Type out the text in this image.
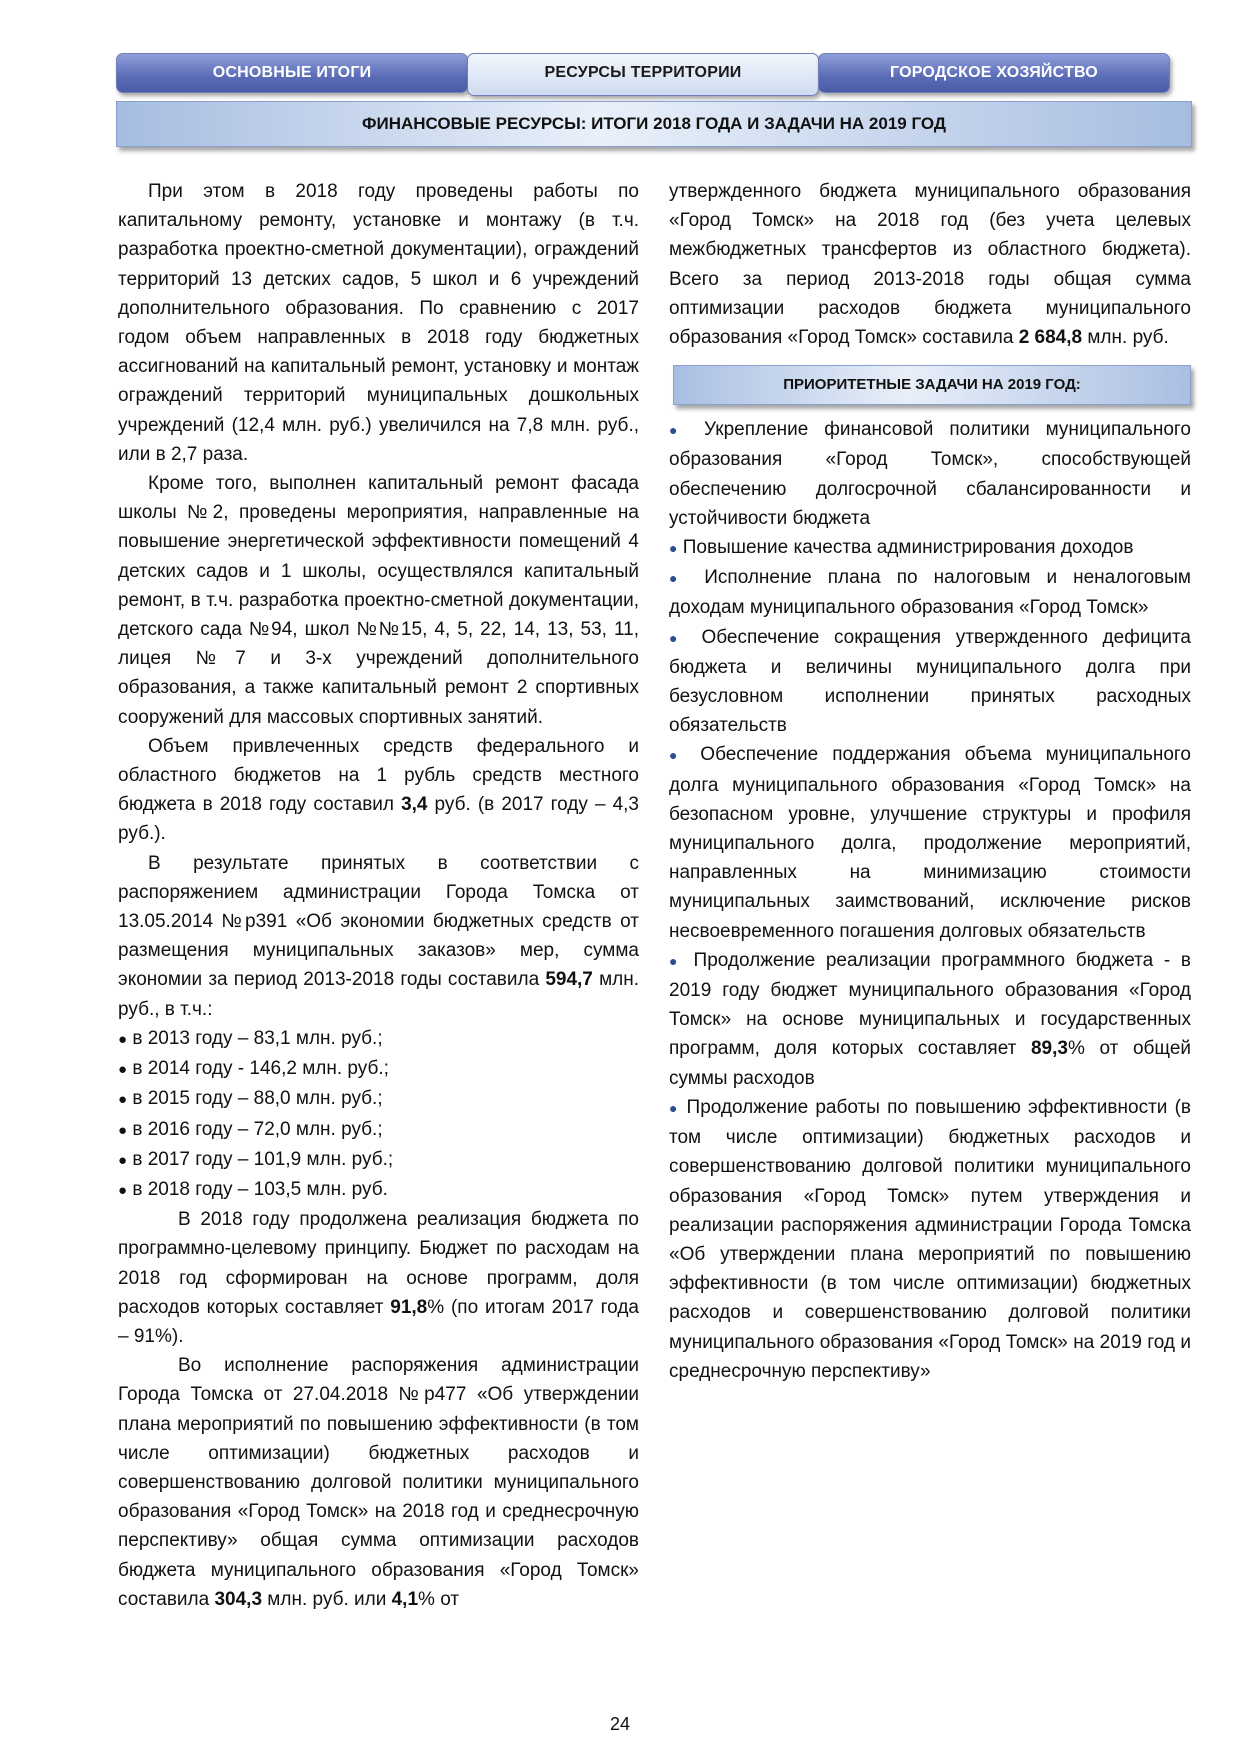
ОСНОВНЫЕ ИТОГИ	РЕСУРСЫ ТЕРРИТОРИИ	ГОРОДСКОЕ ХОЗЯЙСТВО
ФИНАНСОВЫЕ РЕСУРСЫ: ИТОГИ 2018 ГОДА И ЗАДАЧИ НА 2019 ГОД

При этом в 2018 году проведены работы по капитальному ремонту, установке и монтажу (в т.ч. разработка проектно-сметной документации), ограждений территорий 13 детских садов, 5 школ и 6 учреждений дополнительного образования. По сравнению с 2017 годом объем направленных в 2018 году бюджетных ассигнований на капитальный ремонт, установку и монтаж ограждений территорий муниципальных дошкольных учреждений (12,4 млн. руб.) увеличился на 7,8 млн. руб., или в 2,7 раза.

Кроме того, выполнен капитальный ремонт фасада школы №2, проведены мероприятия, направленные на повышение энергетической эффективности помещений 4 детских садов и 1 школы, осуществлялся капитальный ремонт, в т.ч. разработка проектно-сметной документации, детского сада №94, школ №№15, 4, 5, 22, 14, 13, 53, 11, лицея №7 и 3-х учреждений дополнительного образования, а также капитальный ремонт 2 спортивных сооружений для массовых спортивных занятий.

Объем привлеченных средств федерального и областного бюджетов на 1 рубль средств местного бюджета в 2018 году составил 3,4 руб. (в 2017 году – 4,3 руб.).

В результате принятых в соответствии с распоряжением администрации Города Томска от 13.05.2014 №р391 «Об экономии бюджетных средств от размещения муниципальных заказов» мер, сумма экономии за период 2013-2018 годы составила 594,7 млн. руб., в т.ч.:

● в 2013 году – 83,1 млн. руб.;

● в 2014 году - 146,2 млн. руб.;

● в 2015 году – 88,0 млн. руб.;

● в 2016 году – 72,0 млн. руб.;

● в 2017 году – 101,9 млн. руб.;

● в 2018 году – 103,5 млн. руб.

В 2018 году продолжена реализация бюджета по программно-целевому принципу. Бюджет по расходам на 2018 год сформирован на основе программ, доля расходов которых составляет 91,8% (по итогам 2017 года – 91%).

Во исполнение распоряжения администрации Города Томска от 27.04.2018 №р477 «Об утверждении плана мероприятий по повышению эффективности (в том числе оптимизации) бюджетных расходов и совершенствованию долговой политики муниципального образования «Город Томск» на 2018 год и среднесрочную перспективу» общая сумма оптимизации расходов бюджета муниципального образования «Город Томск» составила 304,3 млн. руб. или 4,1% от

утвержденного бюджета муниципального образования «Город Томск» на 2018 год (без учета целевых межбюджетных трансфертов из областного бюджета). Всего за период 2013-2018 годы общая сумма оптимизации расходов бюджета муниципального образования «Город Томск» составила 2 684,8 млн. руб.

ПРИОРИТЕТНЫЕ ЗАДАЧИ НА 2019 ГОД:

● Укрепление финансовой политики муниципального образования «Город Томск», способствующей обеспечению долгосрочной сбалансированности и устойчивости бюджета

● Повышение качества администрирования доходов

● Исполнение плана по налоговым и неналоговым доходам муниципального образования «Город Томск»

● Обеспечение сокращения утвержденного дефицита бюджета и величины муниципального долга при безусловном исполнении принятых расходных обязательств

● Обеспечение поддержания объема муниципального долга муниципального образования «Город Томск» на безопасном уровне, улучшение структуры и профиля муниципального долга, продолжение мероприятий, направленных на минимизацию стоимости муниципальных заимствований, исключение рисков несвоевременного погашения долговых обязательств

● Продолжение реализации программного бюджета - в 2019 году бюджет муниципального образования «Город Томск» на основе муниципальных и государственных программ, доля которых составляет 89,3% от общей суммы расходов

● Продолжение работы по повышению эффективности (в том числе оптимизации) бюджетных расходов и совершенствованию долговой политики муниципального образования «Город Томск» путем утверждения и реализации распоряжения администрации Города Томска «Об утверждении плана мероприятий по повышению эффективности (в том числе оптимизации) бюджетных расходов и совершенствованию долговой политики муниципального образования «Город Томск» на 2019 год и среднесрочную перспективу»

24
